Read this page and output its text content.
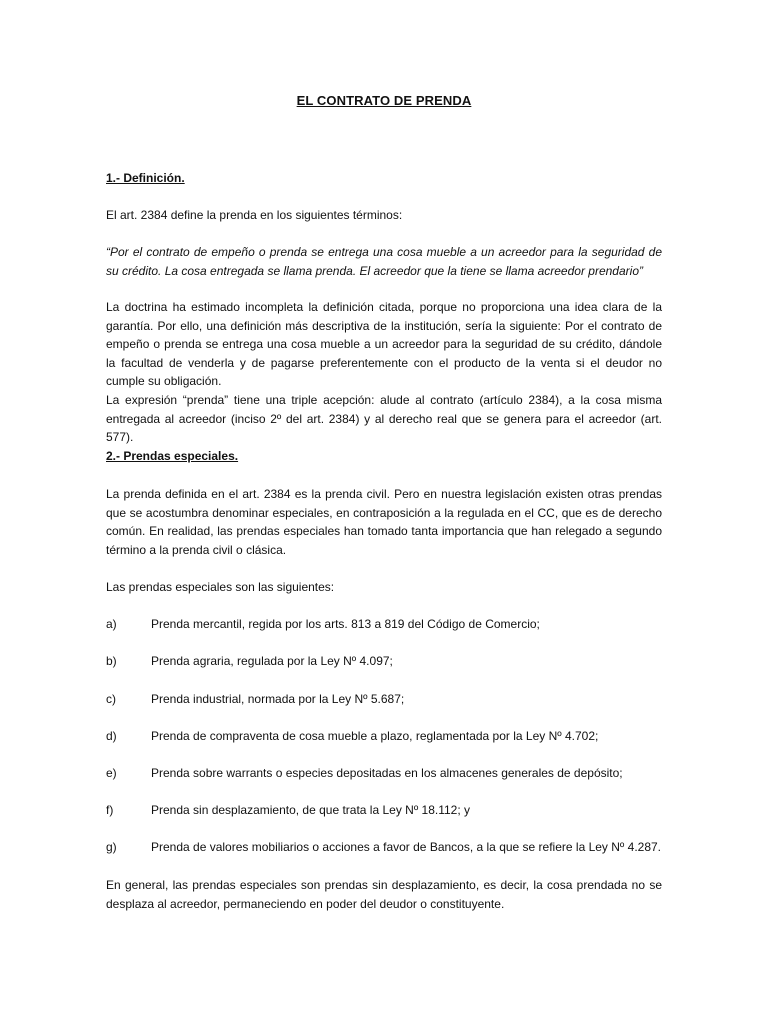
EL CONTRATO DE PRENDA
1.- Definición.
El art. 2384 define la prenda en los siguientes términos:
“Por el contrato de empeño o prenda se entrega una cosa mueble a un acreedor para la seguridad de su crédito. La cosa entregada se llama prenda. El acreedor que la tiene se llama acreedor prendario”
La doctrina ha estimado incompleta la definición citada, porque no proporciona una idea clara de la garantía. Por ello, una definición más descriptiva de la institución, sería la siguiente: Por el contrato de empeño o prenda se entrega una cosa mueble a un acreedor para la seguridad de su crédito, dándole la facultad de venderla y de pagarse preferentemente con el producto de la venta si el deudor no cumple su obligación.
La expresión “prenda” tiene una triple acepción: alude al contrato (artículo 2384), a la cosa misma entregada al acreedor (inciso 2º del art. 2384) y al derecho real que se genera para el acreedor (art. 577).
2.- Prendas especiales.
La prenda definida en el art. 2384 es la prenda civil. Pero en nuestra legislación existen otras prendas que se acostumbra denominar especiales, en contraposición a la regulada en el CC, que es de derecho común. En realidad, las prendas especiales han tomado tanta importancia que han relegado a segundo término a la prenda civil o clásica.
Las prendas especiales son las siguientes:
a)	Prenda mercantil, regida por los arts. 813 a 819 del Código de Comercio;
b)	Prenda agraria, regulada por la Ley Nº 4.097;
c)	Prenda industrial, normada por la Ley Nº 5.687;
d)	Prenda de compraventa de cosa mueble a plazo, reglamentada por la Ley Nº 4.702;
e)	Prenda sobre warrants o especies depositadas en los almacenes generales de depósito;
f)	Prenda sin desplazamiento, de que trata la Ley Nº 18.112; y
g)	Prenda de valores mobiliarios o acciones a favor de Bancos, a la que se refiere la Ley Nº 4.287.
En general, las prendas especiales son prendas sin desplazamiento, es decir, la cosa prendada no se desplaza al acreedor, permaneciendo en poder del deudor o constituyente.
